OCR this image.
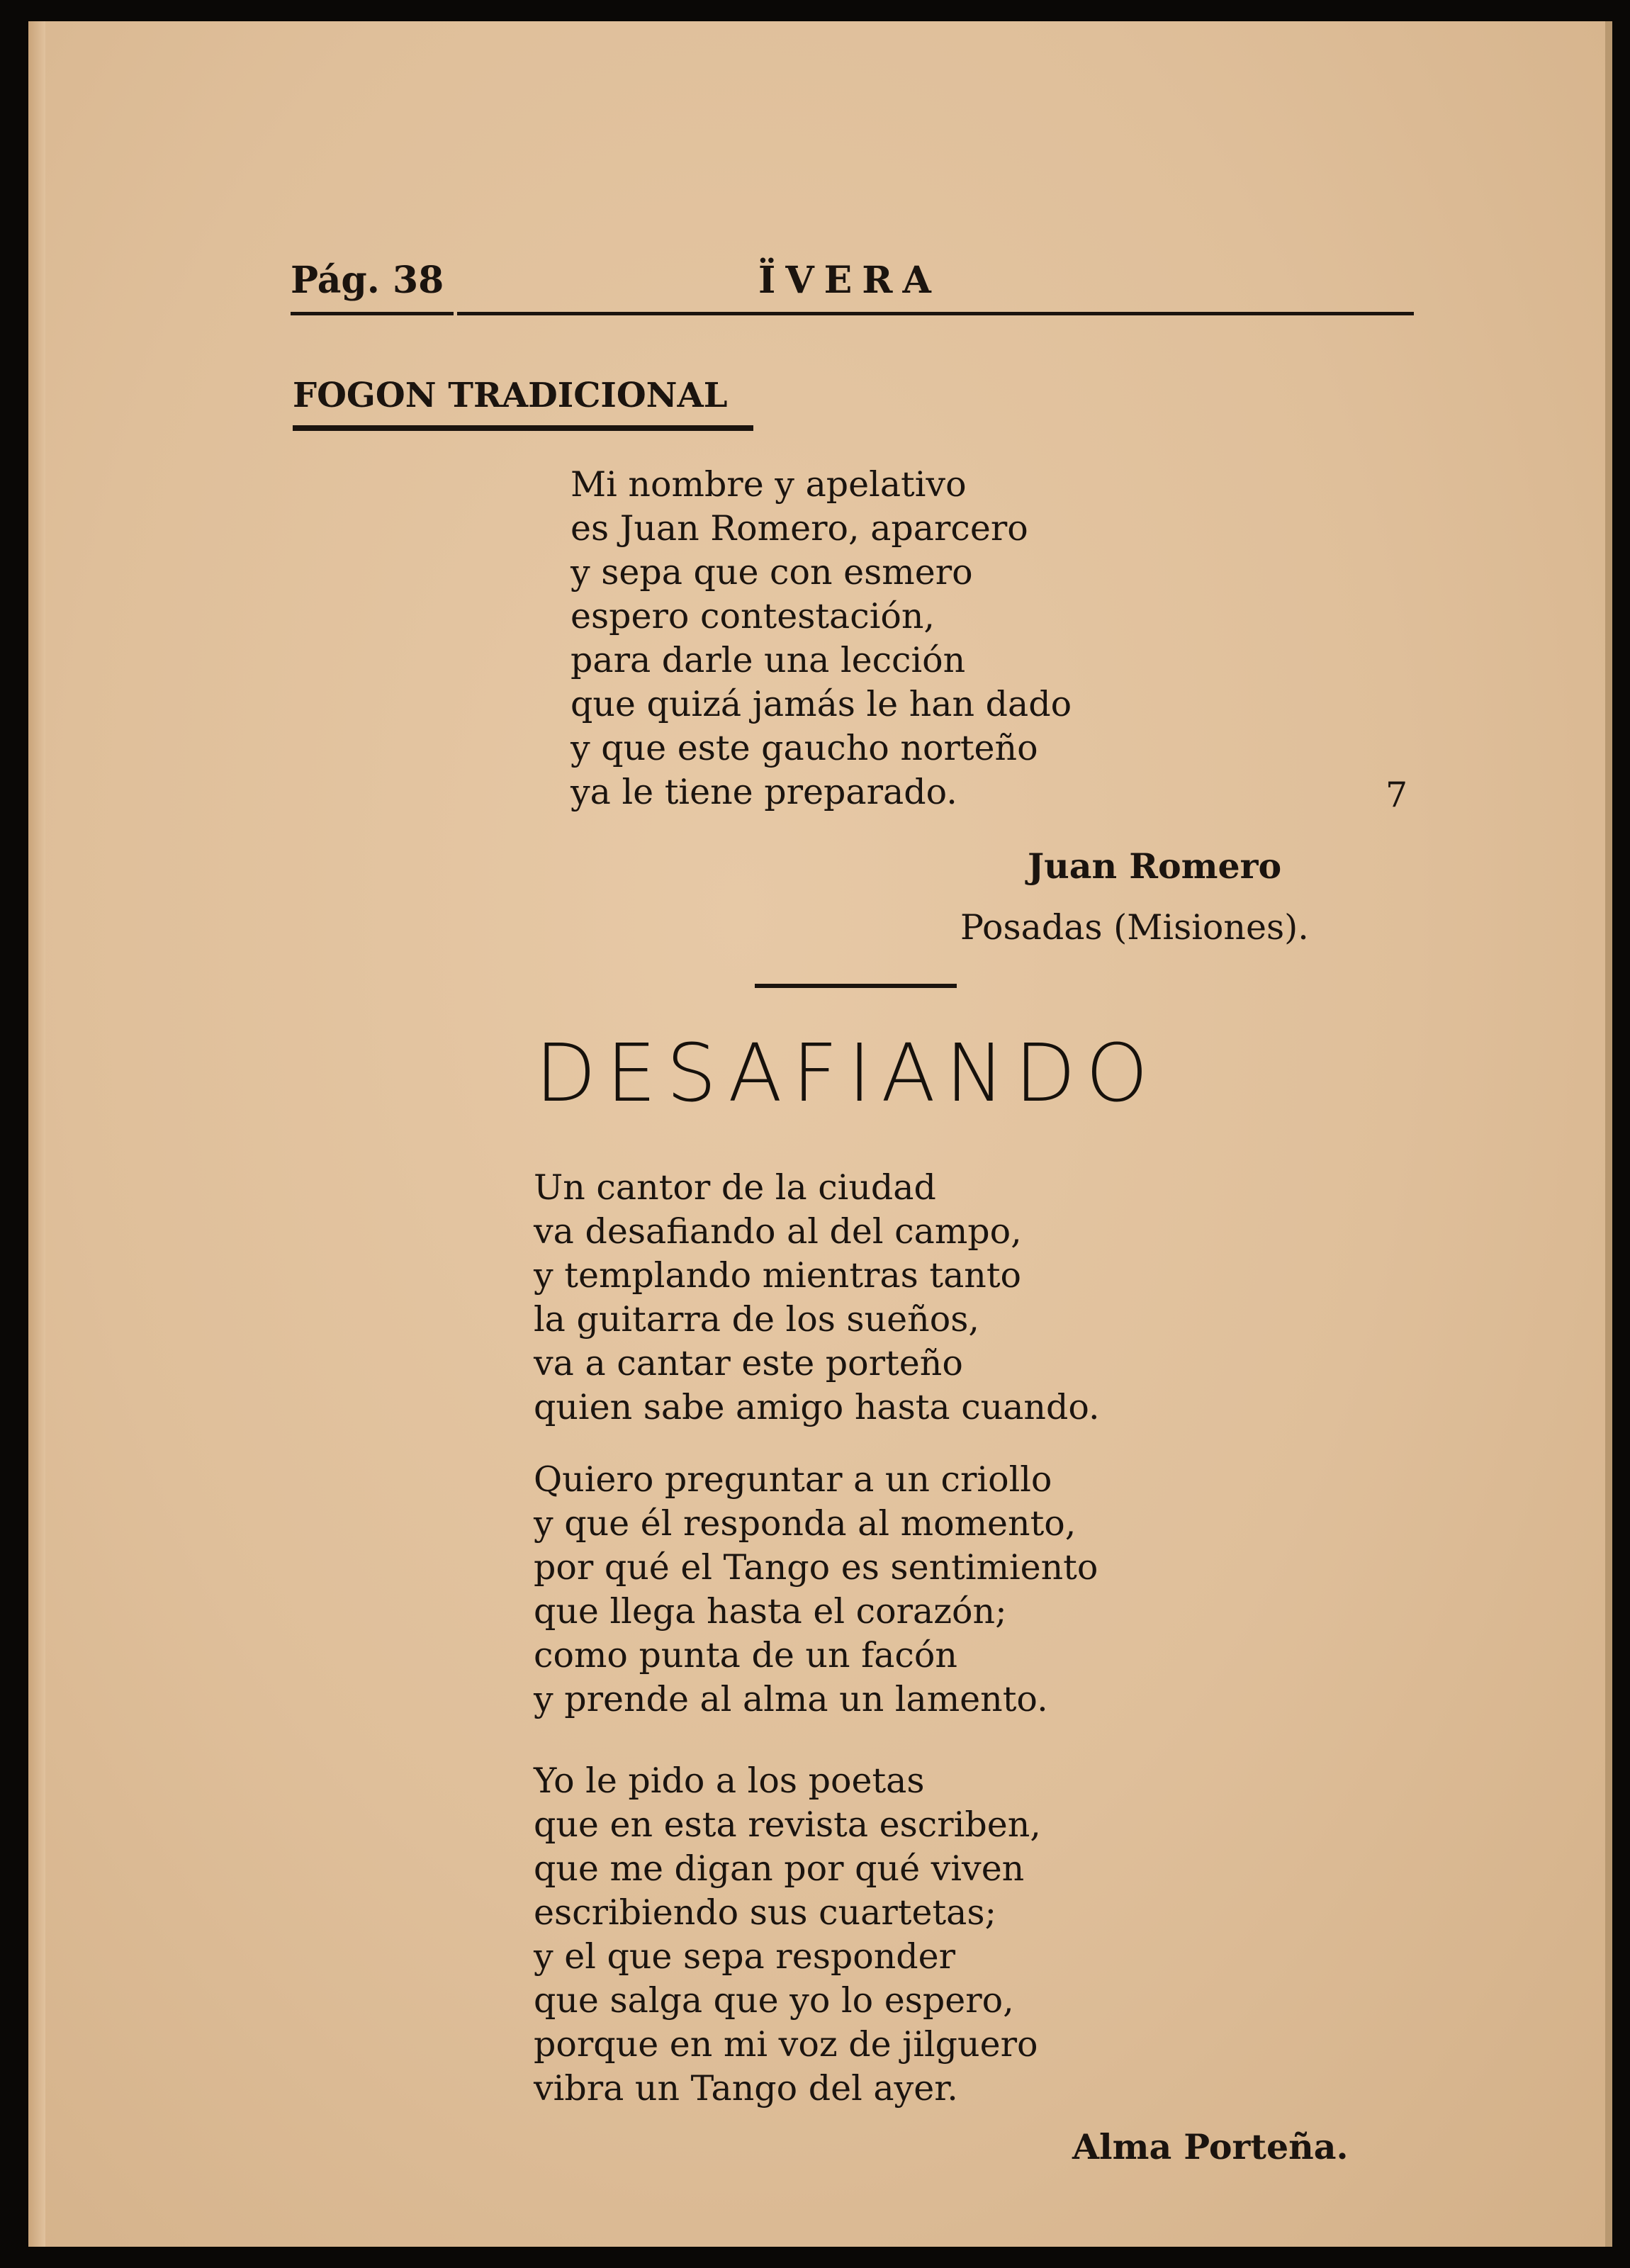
Pág. 38	ÏVERA
FOGON TRADICIONAL
Mi nombre y apelativo
es Juan Romero, aparcero
y sepa que con esmero
espero contestación,
para darle una lección
que quizá jamás le han dado
y que este gaucho norteño
ya le tiene preparado.	7
Juan Romero
Posadas (Misiones).
DESAFIANDO
Un cantor de la ciudad
va desafiando al del campo,
y templando mientras tanto
la guitarra de los sueños,
va a cantar este porteño
quien sabe amigo hasta cuando.
Quiero preguntar a un criollo
y que él responda al momento,
por qué el Tango es sentimiento
que llega hasta el corazón;
como punta de un facón
y prende al alma un lamento.
Yo le pido a los poetas
que en esta revista escriben,
que me digan por qué viven
escribiendo sus cuartetas;
y el que sepa responder
que salga que yo lo espero,
porque en mi voz de jilguero
vibra un Tango del ayer.
Alma Porteña.
